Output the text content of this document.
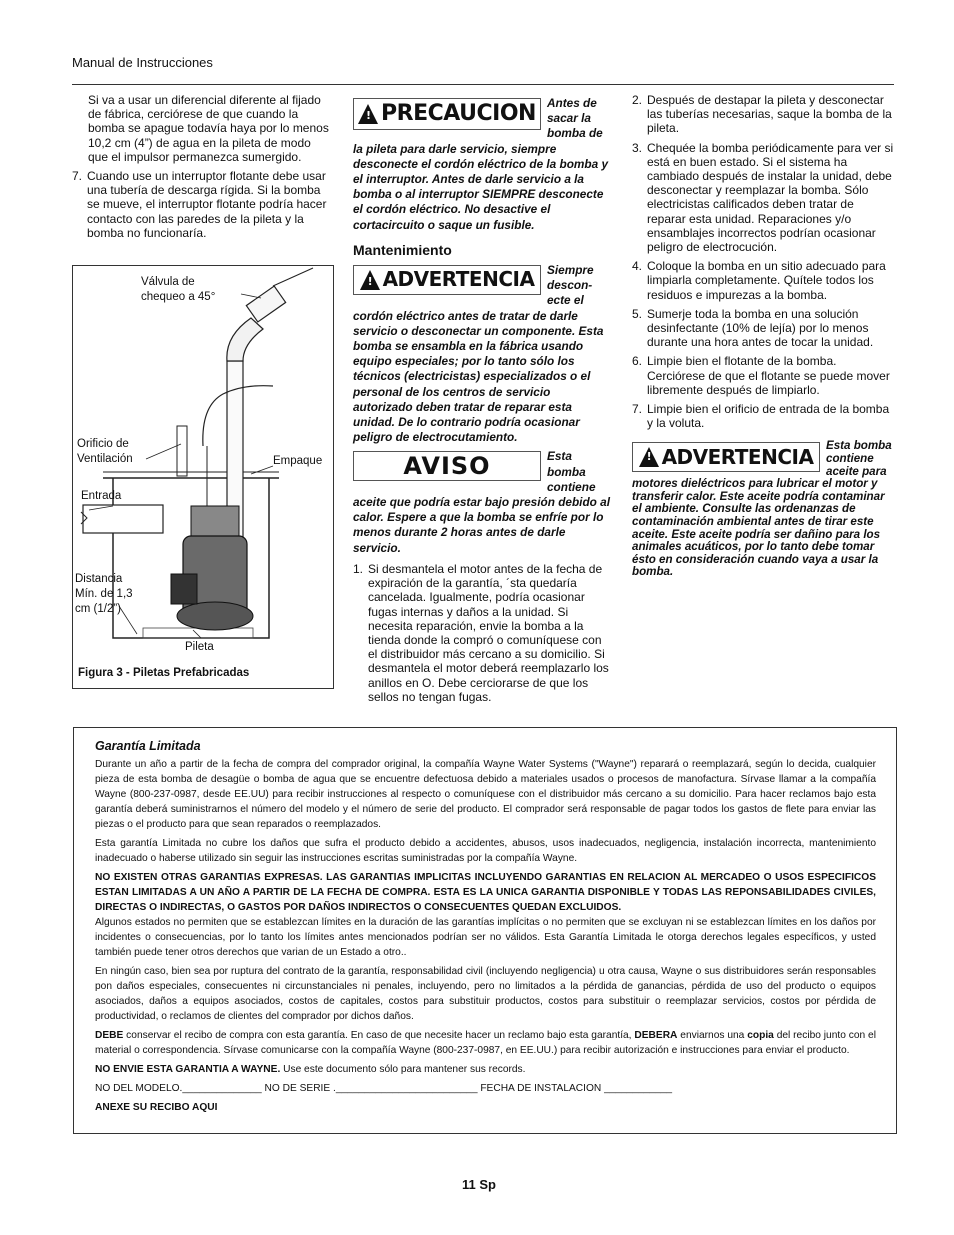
Manual de Instrucciones

Si va a usar un diferencial diferente al fijado de fábrica, cerciórese de que cuando la bomba se apague todavía haya por lo menos 10,2 cm (4”) de agua en la pileta de modo que el impulsor permanezca sumergido.

7. Cuando use un interruptor flotante debe usar una tubería de descarga rígida. Si la bomba se mueve, el interruptor flotante podría hacer contacto con las paredes de la pileta y la bomba no funcionaría.
Válvula de chequeo a 45°
Orificio de Ventilación	Empaque
Entrada
Distancia Mín. de 1,3 cm (1/2”)
Pileta
Figura 3 - Piletas Prefabricadas
!
PRECAUCION Antes de sacar la bomba de la pileta para darle servicio, siempre desconecte el cordón eléctrico de la bomba y el interruptor. Antes de darle servicio a la bomba o al interruptor SIEMPRE desconecte el cordón eléctrico. No desactive el cortacircuito o saque un fusible.
Mantenimiento
!
ADVERTENCIA Siempre descon-ecte el cordón eléctrico antes de tratar de darle servicio o desconectar un componente. Esta bomba se ensambla en la fábrica usando equipo especiales; por lo tanto sólo los técnicos (electricistas) especializados o el personal de los centros de servicio autorizado deben tratar de reparar esta unidad. De lo contrario podría ocasionar peligro de electrocutamiento.
AVISO	Esta bomba contiene aceite que podría estar bajo presión debido al calor. Espere a que la bomba se enfríe por lo menos durante 2 horas antes de darle servicio.
1. Si desmantela el motor antes de la fecha de expiración de la garantía, ´sta quedaría cancelada. Igualmente, podría ocasionar fugas internas y daños a la unidad. Si necesita reparación, envie la bomba a la tienda donde la compró o comuníquese con el distribuidor más cercano a su domicilio. Si desmantela el motor deberá reemplazarlo los anillos en O. Debe cerciorarse de que los sellos no tengan fugas.
2. Después de destapar la pileta y desconectar las tuberías necesarias, saque la bomba de la pileta.
3. Chequée la bomba periódicamente para ver si está en buen estado. Si el sistema ha cambiado después de instalar la unidad, debe desconectar y reemplazar la bomba. Sólo electricistas calificados deben tratar de reparar esta unidad. Reparaciones y/o ensamblajes incorrectos podrían ocasionar peligro de electrocución.
4. Coloque la bomba en un sitio adecuado para limpiarla completamente. Quítele todos los residuos e impurezas a la bomba.
5. Sumerje toda la bomba en una solución desinfectante (10% de lejía) por lo menos durante una hora antes de tocar la unidad.
6. Limpie bien el flotante de la bomba. Cerciórese de que el flotante se puede mover libremente después de limpiarlo.
7. Limpie bien el orificio de entrada de la bomba y la voluta.
!
ADVERTENCIA Esta bomba contiene aceite para motores dieléctricos para lubricar el motor y transferir calor. Este aceite podría contaminar el ambiente. Consulte las ordenanzas de contaminación ambiental antes de tirar este aceite. Este aceite podría ser dañino para los animales acuáticos, por lo tanto debe tomar ésto en consideración cuando vaya a usar la bomba.
Garantía Limitada

Durante un año a partir de la fecha de compra del comprador original, la compañía Wayne Water Systems ("Wayne") reparará o reemplazará, según lo decida, cualquier pieza de esta bomba de desagüe o bomba de agua que se encuentre defectuosa debido a materiales usados o procesos de manofactura. Sírvase llamar a la compañía Wayne (800-237-0987, desde EE.UU) para recibir instrucciones al respecto o comuníquese con el distribuidor más cercano a su domicilio. Para hacer reclamos bajo esta garantía deberá suministrarnos el número del modelo y el número de serie del producto. El comprador será responsable de pagar todos los gastos de flete para enviar las piezas o el producto para que sean reparados o reemplazados.

Esta garantía Limitada no cubre los daños que sufra el producto debido a accidentes, abusos, usos inadecuados, negligencia, instalación incorrecta, mantenimiento inadecuado o haberse utilizado sin seguir las instrucciones escritas suministradas por la compañía Wayne.

NO EXISTEN OTRAS GARANTIAS EXPRESAS. LAS GARANTIAS IMPLICITAS INCLUYENDO GARANTIAS EN RELACION AL MERCADEO O USOS ESPECIFICOS ESTAN LIMITADAS A UN AÑO A PARTIR DE LA FECHA DE COMPRA. ESTA ES LA UNICA GARANTIA DISPONIBLE Y TODAS LAS REPONSABILIDADES CIVILES, DIRECTAS O INDIRECTAS, O GASTOS POR DAÑOS INDIRECTOS O CONSECUENTES QUEDAN EXCLUIDOS.

Algunos estados no permiten que se establezcan límites en la duración de las garantías implícitas o no permiten que se excluyan ni se establezcan límites en los daños por incidentes o consecuencias, por lo tanto los límites antes mencionados podrían ser no válidos. Esta Garantía Limitada le otorga derechos legales específicos, y usted también puede tener otros derechos que varian de un Estado a otro..

En ningún caso, bien sea por ruptura del contrato de la garantía, responsabilidad civil (incluyendo negligencia) u otra causa, Wayne o sus distribuidores serán responsables pon daños especiales, consecuentes ni circunstanciales ni penales, incluyendo, pero no limitados a la pérdida de ganancias, pérdida de uso del producto o equipos asociados, daños a equipos asociados, costos de capitales, costos para substituir productos, costos para substituir o reemplazar servicios, costos por pérdida de productividad, o reclamos de clientes del comprador por dichos daños.

DEBE conservar el recibo de compra con esta garantía. En caso de que necesite hacer un reclamo bajo esta garantía, DEBERA enviarnos una copia del recibo junto con el material o correspondencia. Sírvase comunicarse con la compañía Wayne (800-237-0987, en EE.UU.) para recibir autorización e instrucciones para enviar el producto.

NO ENVIE ESTA GARANTIA A WAYNE. Use este documento sólo para mantener sus records.

NO DEL MODELO.______________ NO DE SERIE ._________________________ FECHA DE INSTALACION ____________

ANEXE SU RECIBO AQUI

11 Sp
